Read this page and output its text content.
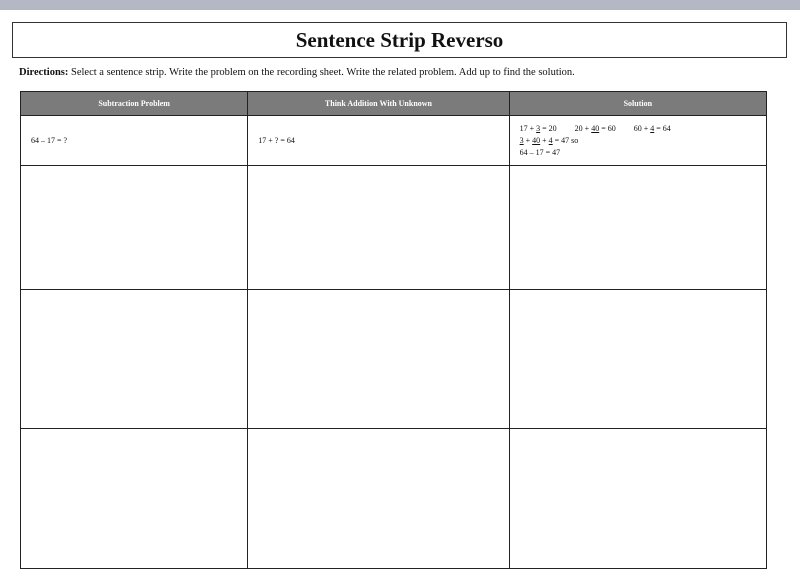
Sentence Strip Reverso
Directions: Select a sentence strip. Write the problem on the recording sheet. Write the related problem. Add up to find the solution.
Subtraction Problem	Think Addition With Unknown	Solution
64 – 17 = ?	17 + ? = 64	17 + 3 = 20 20 + 40 = 60 60 + 4 = 64
3 + 40 + 4 = 47 so
64 – 17 = 47
